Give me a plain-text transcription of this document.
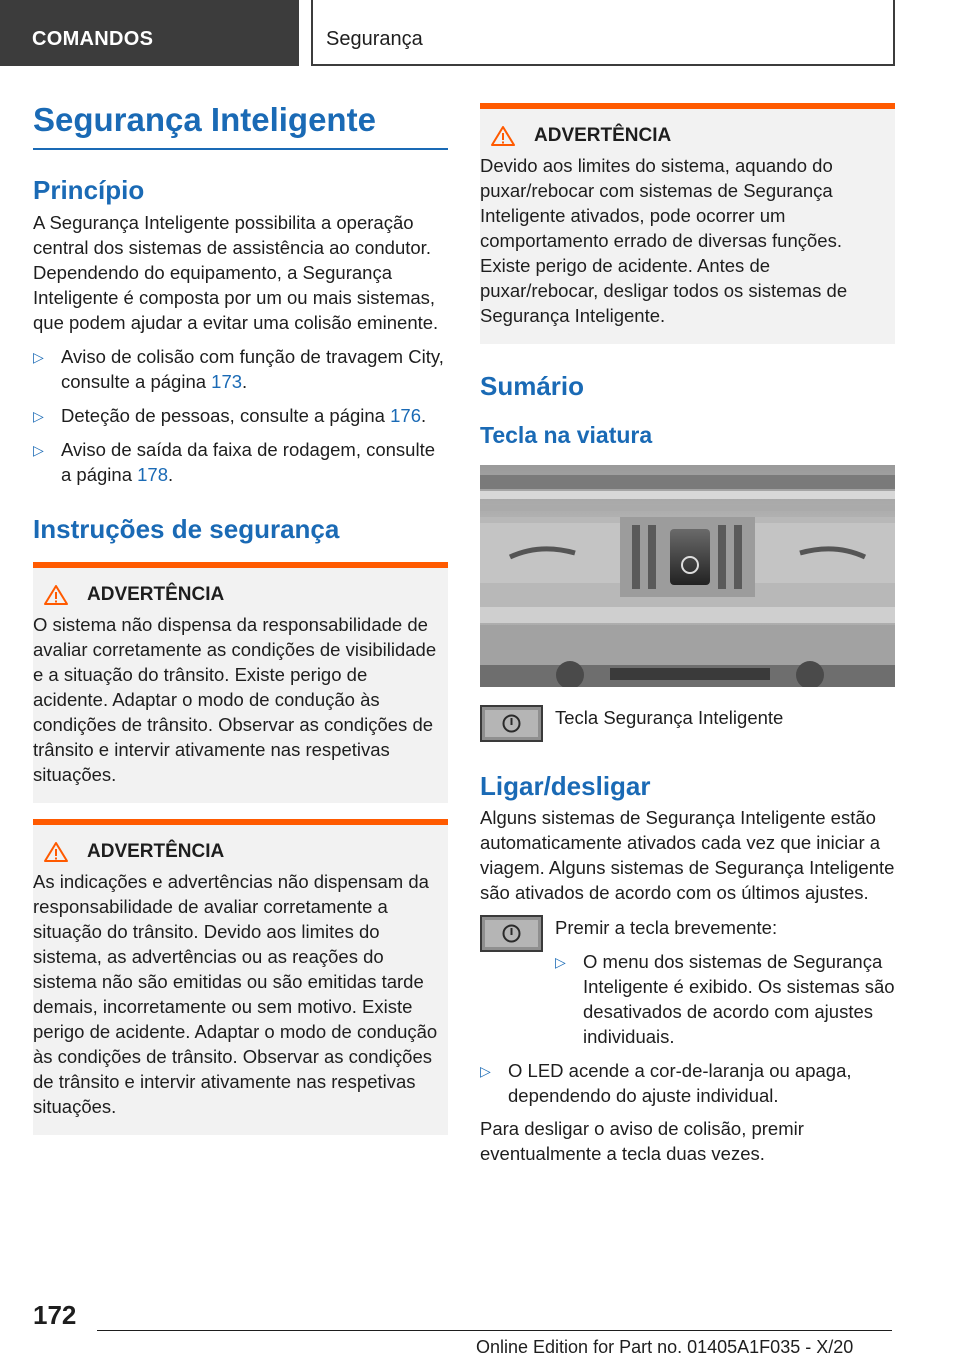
COMANDOS	Segurança
Segurança Inteligente
Princípio

A Segurança Inteligente possibilita a operação central dos sistemas de assistência ao condutor. Dependendo do equipamento, a Segurança Inteligente é composta por um ou mais sistemas, que podem ajudar a evitar uma colisão eminente.

▷ Aviso de colisão com função de travagem City, consulte a página 173.
▷ Deteção de pessoas, consulte a página 176.
▷ Aviso de saída da faixa de rodagem, consulte a página 178.
Instruções de segurança
ADVERTÊNCIA

O sistema não dispensa da responsabilidade de avaliar corretamente as condições de visibilidade e a situação do trânsito. Existe perigo de acidente. Adaptar o modo de condução às condições de trânsito. Observar as condições de trânsito e intervir ativamente nas respetivas situações.

ADVERTÊNCIA

As indicações e advertências não dispensam da responsabilidade de avaliar corretamente a situação do trânsito. Devido aos limites do sistema, as advertências ou as reações do sistema não são emitidas ou são emitidas tarde demais, incorretamente ou sem motivo. Existe perigo de acidente. Adaptar o modo de condução às condições de trânsito. Observar as condições de trânsito e intervir ativamente nas respetivas situações.

ADVERTÊNCIA

Devido aos limites do sistema, aquando do puxar/rebocar com sistemas de Segurança Inteligente ativados, pode ocorrer um comportamento errado de diversas funções. Existe perigo de acidente. Antes de puxar/rebocar, desligar todos os sistemas de Segurança Inteligente.

Sumário
Tecla na viatura

Tecla Segurança Inteligente

Ligar/desligar

Alguns sistemas de Segurança Inteligente estão automaticamente ativados cada vez que iniciar a viagem. Alguns sistemas de Segurança Inteligente são ativados de acordo com os últimos ajustes.

Premir a tecla brevemente:

▷ O menu dos sistemas de Segurança Inteligente é exibido. Os sistemas são desativados de acordo com ajustes individuais.
▷ O LED acende a cor-de-laranja ou apaga, dependendo do ajuste individual.

Para desligar o aviso de colisão, premir eventualmente a tecla duas vezes.

172
Online Edition for Part no. 01405A1F035 - X/20
